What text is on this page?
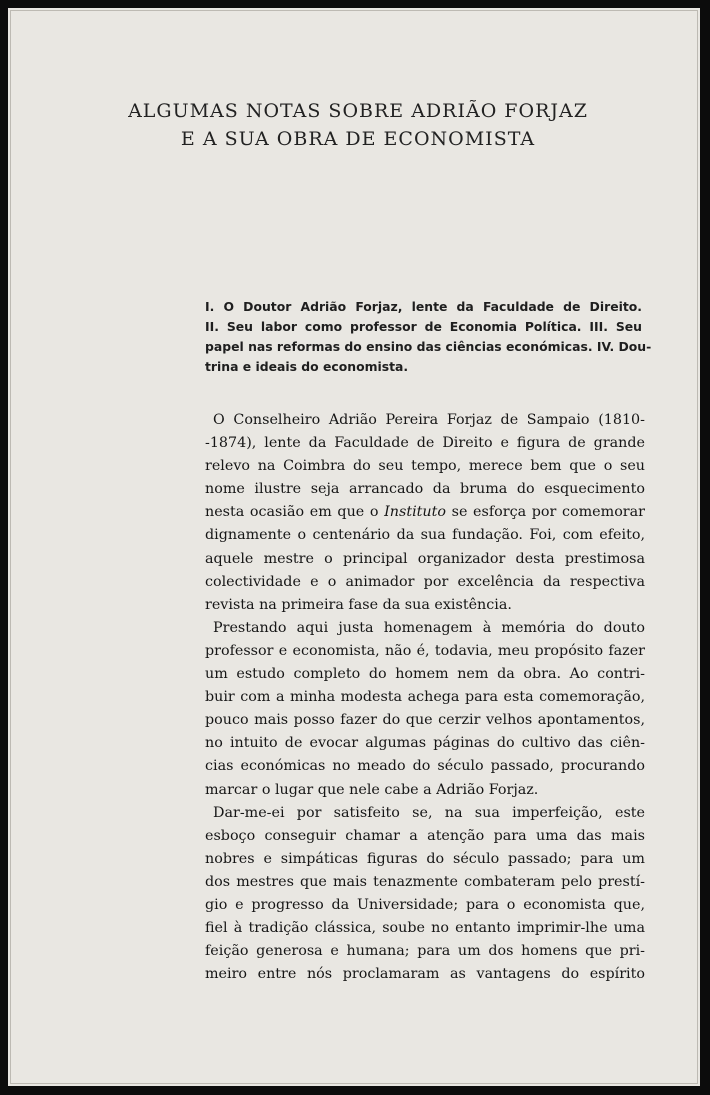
ALGUMAS NOTAS SOBRE ADRIÃO FORJAZ
E A SUA OBRA DE ECONOMISTA
I. O Doutor Adrião Forjaz, lente da Faculdade de Direito.
II. Seu labor como professor de Economia Política. III. Seu
papel nas reformas do ensino das ciências económicas. IV. Dou-
trina e ideais do economista.
O Conselheiro Adrião Pereira Forjaz de Sampaio (1810-
-1874), lente da Faculdade de Direito e figura de grande
relevo na Coimbra do seu tempo, merece bem que o seu
nome ilustre seja arrancado da bruma do esquecimento
nesta ocasião em que o Instituto se esforça por comemorar
dignamente o centenário da sua fundação. Foi, com efeito,
aquele mestre o principal organizador desta prestimosa
colectividade e o animador por excelência da respectiva
revista na primeira fase da sua existência.
Prestando aqui justa homenagem à memória do douto
professor e economista, não é, todavia, meu propósito fazer
um estudo completo do homem nem da obra. Ao contri-
buir com a minha modesta achega para esta comemoração,
pouco mais posso fazer do que cerzir velhos apontamentos,
no intuito de evocar algumas páginas do cultivo das ciên-
cias económicas no meado do século passado, procurando
marcar o lugar que nele cabe a Adrião Forjaz.
Dar-me-ei por satisfeito se, na sua imperfeição, este
esboço conseguir chamar a atenção para uma das mais
nobres e simpáticas figuras do século passado; para um
dos mestres que mais tenazmente combateram pelo prestí-
gio e progresso da Universidade; para o economista que,
fiel à tradição clássica, soube no entanto imprimir-lhe uma
feição generosa e humana; para um dos homens que pri-
meiro entre nós proclamaram as vantagens do espírito
